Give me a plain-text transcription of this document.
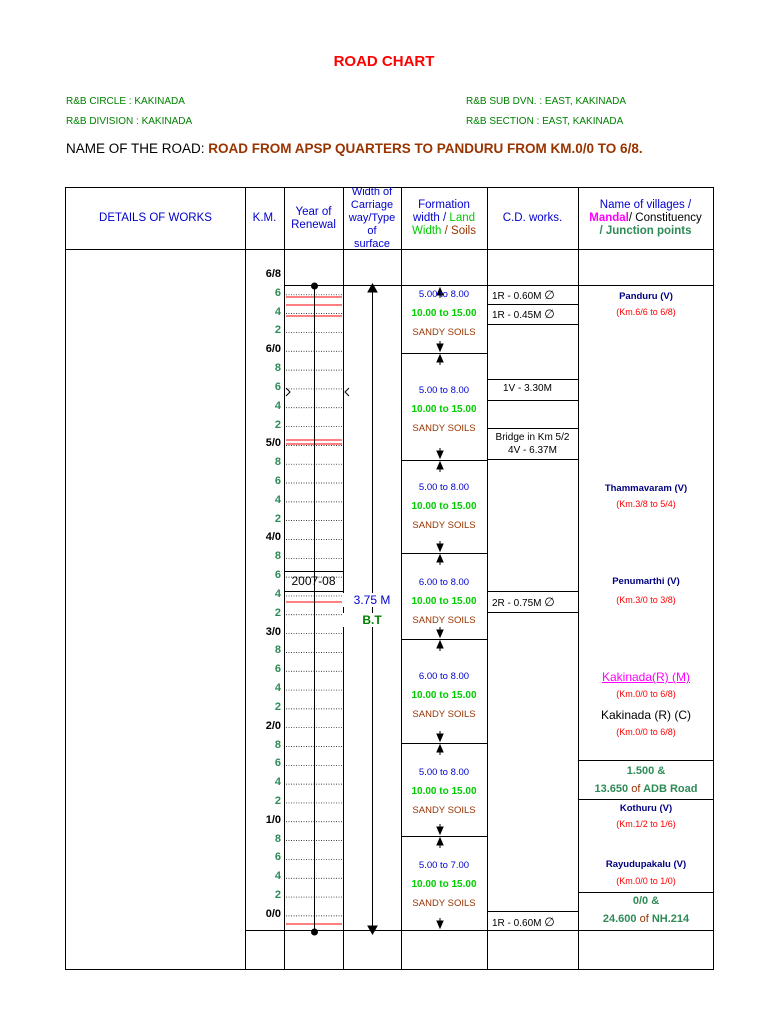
ROAD CHART
R&B CIRCLE : KAKINADA
R&B DIVISION : KAKINADA
R&B SUB DVN. : EAST, KAKINADA
R&B SECTION : EAST, KAKINADA
NAME OF THE ROAD: ROAD FROM APSP QUARTERS TO PANDURU FROM KM.0/0 TO 6/8.
DETAILS OF WORKS	K.M.	Year of
Renewal
Width of
Carriage
way/Type
of
surface
Formation
width / Land
Width / Soils
C.D. works.
Name of villages /
Mandal/ Constituency
/ Junction points
6/8
6
4
2
6/0
8
6
4
2
5/0
8
6
4
2
4/0
8
6
4
2
3/0
8
6
4
2
2/0
8
6
4
2
1/0
8
6
4
2
0/0
2007-08
3.75 M
B.T
5.00 to 8.00
10.00 to 15.00
SANDY SOILS
5.00 to 8.00
10.00 to 15.00
SANDY SOILS
5.00 to 8.00
10.00 to 15.00
SANDY SOILS
6.00 to 8.00
10.00 to 15.00
SANDY SOILS
6.00 to 8.00
10.00 to 15.00
SANDY SOILS
5.00 to 8.00
10.00 to 15.00
SANDY SOILS
5.00 to 7.00
10.00 to 15.00
SANDY SOILS
1R - 0.60M ∅
1R - 0.45M ∅
1V - 3.30M
Bridge in Km 5/2
4V - 6.37M
2R - 0.75M ∅
1R - 0.60M ∅
Panduru (V)
(Km.6/6 to 6/8)
Thammavaram (V)
(Km.3/8 to 5/4)
Penumarthi (V)
(Km.3/0 to 3/8)
Kakinada(R) (M)
(Km.0/0 to 6/8)
Kakinada (R) (C)
(Km.0/0 to 6/8)
1.500 &
13.650 of ADB Road
Kothuru (V)
(Km.1/2 to 1/6)
Rayudupakalu (V)
(Km.0/0 to 1/0)
0/0 &
24.600 of NH.214
